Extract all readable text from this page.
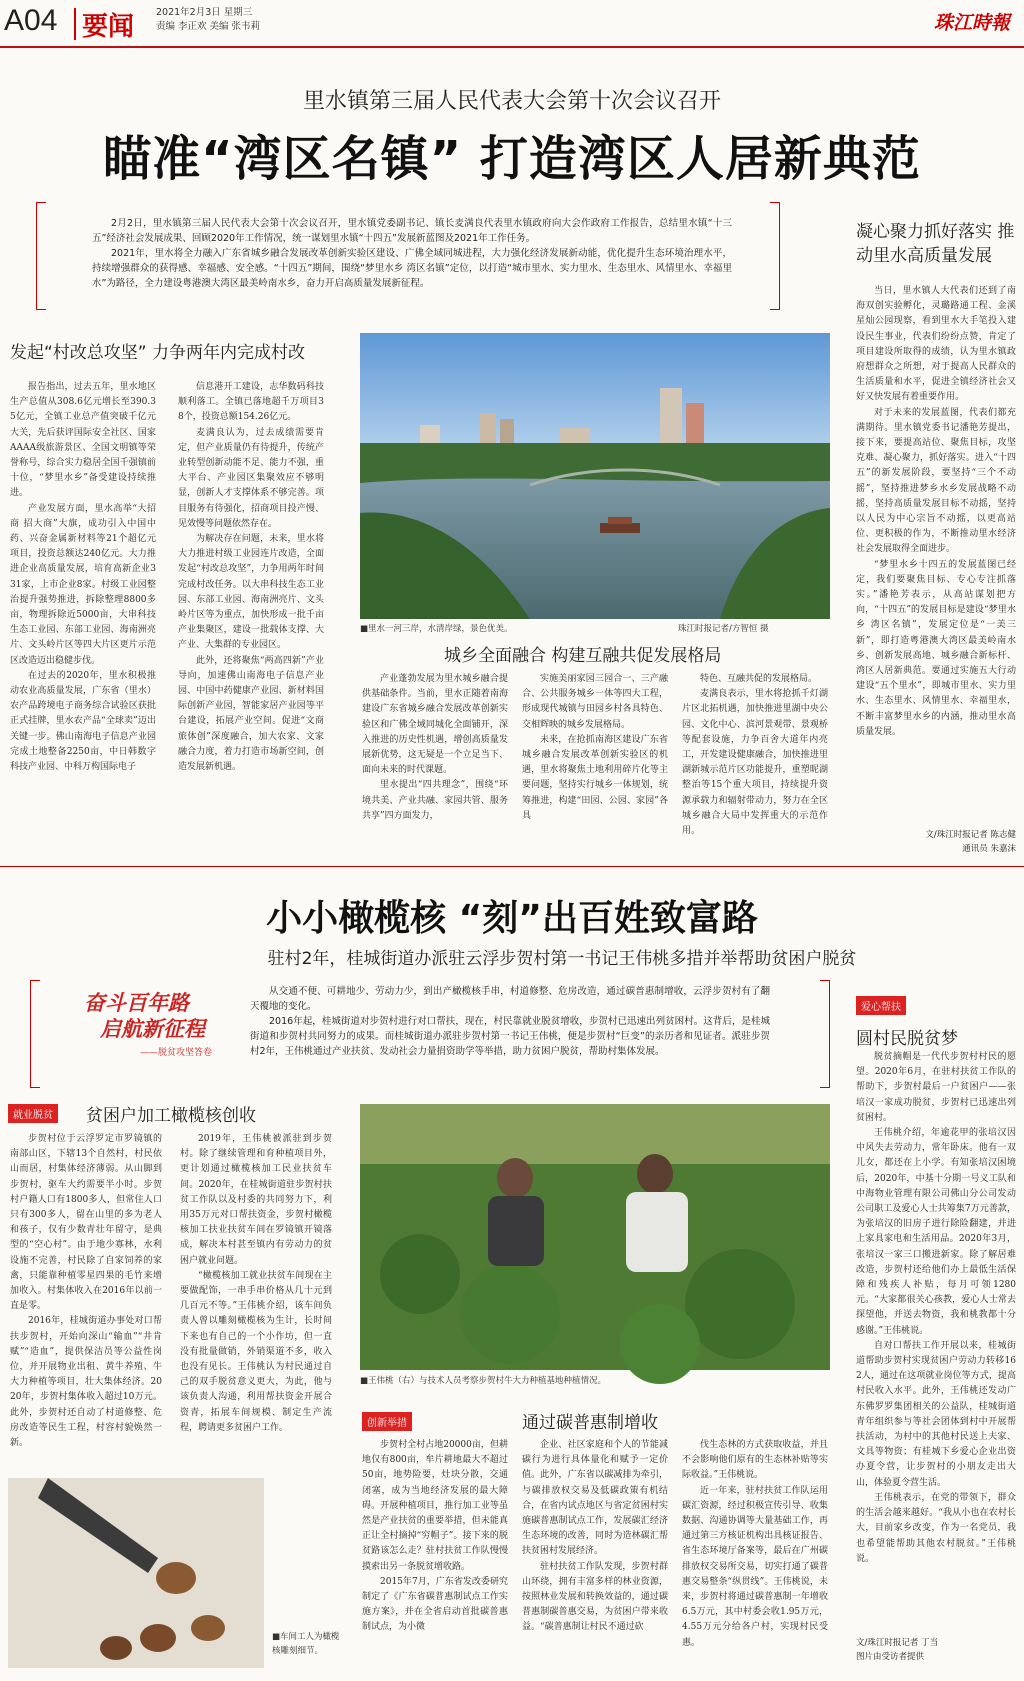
A04 要闻 2021年2月3日 星期三
责编 李正欢 美编 张韦莉	珠江時報
里水镇第三届人民代表大会第十次会议召开
瞄准“湾区名镇” 打造湾区人居新典范

2月2日，里水镇第三届人民代表大会第十次会议召开，里水镇党委副书记、镇长麦满良代表里水镇政府向大会作政府工作报告，总结里水镇“十三五”经济社会发展成果、回顾2020年工作情况，统一谋划里水镇“十四五”发展新蓝图及2021年工作任务。

2021年，里水将全力融入广东省城乡融合发展改革创新实验区建设、广佛全域同城进程，大力强化经济发展新动能，优化提升生态环境治理水平，持续增强群众的获得感、幸福感、安全感。“十四五”期间，围绕“梦里水乡 湾区名镇”定位，以打造“城市里水、实力里水、生态里水、风情里水、幸福里水”为路径，全力建设粤港澳大湾区最美岭南水乡，奋力开启高质量发展新征程。

发起“村改总攻坚” 力争两年内完成村改

报告指出，过去五年，里水地区生产总值从308.6亿元增长至390.35亿元，全镇工业总产值突破千亿元大关，先后获评国际安全社区、国家AAAA级旅游景区、全国文明镇等荣誉称号，综合实力稳居全国千强镇前十位，“梦里水乡”备受建设持续推进。

产业发展方面，里水高举“大招商 招大商”大旗，成功引入中国中药、兴奋金属新材料等21个超亿元项目，投资总额达240亿元。大力推进企业高质量发展，培育高新企业331家，上市企业8家。村级工业园整治提升强势推进，拆除整理8800多亩，物理拆除近5000亩，大串科技生态工业园、东部工业园、海南洲亮片、文头岭片区等四大片区更片示范区改造迈出稳健步伐。

在过去的2020年，里水积极推动农业高质量发展，广东省（里水）农产品跨境电子商务综合试验区获批正式挂牌，里水农产品“全球卖”迈出关键一步。佛山南海电子信息产业园完成土地整备2250亩，中日韩数字科技产业园、中科万构国际电子

信息港开工建设，志华数码科技顺利落工。全镇已落地超千万项目38个，投资总额154.26亿元。

麦满良认为，过去成绩需要肯定，但产业质量仍有待提升，传统产业转型创新动能不足、能力不强，重大平台、产业园区集聚效应不够明显，创新人才支撑体系不够完善。项目服务有待强化，招商项目投产慢、见效慢等问题依然存在。

为解决存在问题，未来，里水将大力推进村级工业园连片改造，全面发起“村改总攻坚”，力争用两年时间完成村改任务。以大串科技生态工业园、东部工业园、海南洲亮片、文头岭片区等为重点，加快形成一批千亩产业集聚区，建设一批载体支撑、大产业、大集群的专业园区。

此外，还将聚焦“两高四新”产业导向，加速佛山南海电子信息产业园、中国中药健康产业园、新材料国际创新产业园，智能家居产业园等平台建设，拓展产业空间。促进“文商旅体创”深度融合，加大农家、文家融合力度，着力打造市场新空间，创造发展新机遇。

■里水一河三岸，水清岸绿，景色优美。	珠江时报记者/方智恒 摄
城乡全面融合 构建互融共促发展格局

产业蓬勃发展为里水城乡融合提供基础条件。当前，里水正随着南海建设广东省城乡融合发展改革创新实验区和广佛全域同城化全面铺开，深入推进的历史性机遇，增创高质量发展新优势，这无疑是一个立足当下、面向未来的时代课题。

里水提出“四共理念”，围绕“环境共美、产业共融、家园共管、服务共享”四方面发力，

实施美丽家园三园合一、三产融合、公共服务城乡一体等四大工程，形成现代城镇与田园乡村各具特色、交相辉映的城乡发展格局。

未来，在抢抓南海区建设广东省城乡融合发展改革创新实验区的机遇，里水将聚焦土地利用碎片化等主要问题，坚持实行城乡一体规划，统筹推进，构建“田园、公园、家园”各具

特色、互融共促的发展格局。

麦满良表示，里水将抢抓千灯湖片区北拓机遇，加快推进里湖中央公园、文化中心、滨河景观带、景观桥等配套设施，力争百舍大道年内亮工，开发建设健康融合，加快推进里湖新城示范片区功能提升，重塑昵湖整治等15个重大项目，持续提升资源承载力和辐射带动力，努力在全区城乡融合大局中发挥重大的示范作用。

凝心聚力抓好落实 推动里水高质量发展

当日，里水镇人大代表们还到了南海双创实验孵化，灵璐路通工程、金溪星灿公园现察，看到里水大手笔投入建设民生事业，代表们纷纷点赞，肯定了项目建设所取得的成绩，认为里水镇政府想群众之所想，对于提高人民群众的生活质量和水平，促进全镇经济社会又好又快发展有着重要作用。

对于未来的发展蓝图，代表们都充满期待。里水镇党委书记潘艳芳提出，接下来，要提高站位、聚焦目标，攻坚克难、凝心聚力，抓好落实。进入“十四五”的新发展阶段，要坚持“三个不动摇”，坚持推进梦乡水乡发展战略不动摇，坚持高质量发展目标不动摇，坚持以人民为中心宗旨不动摇，以更高站位、更积极的作为，不断推动里水经济社会发展取得全面进步。

“梦里水乡十四五的发展蓝图已经定，我们要聚焦目标、专心专注抓落实。”潘艳芳表示，从高站谋划把方向，“十四五”的发展目标是建设“梦里水乡 湾区名镇”，发展定位是“一美三新”，即打造粤港澳大湾区最美岭南水乡、创新发展高地、城乡融合新标杆、湾区人居新典范。要通过实施五大行动建设“五个里水”，即城市里水、实力里水、生态里水、风情里水、幸福里水，不断丰富梦里水乡的内涵，推动里水高质量发展。

文/珠江时报记者 陈志健
通讯员 朱嘉沫
小小橄榄核 “刻”出百姓致富路
驻村2年，桂城街道办派驻云浮步贺村第一书记王伟桃多措并举帮助贫困户脱贫
奋斗百年路
启航新征程
——脱贫攻坚答卷

从交通不便、可耕地少、劳动力少，到出产橄榄核手串，村道修整、危房改造，通过碳普惠制增收，云浮步贺村有了翻天覆地的变化。

2016年起，桂城街道对步贺村进行对口帮扶，现在，村民靠就业脱贫增收，步贺村已迅速出列贫困村。这背后，是桂城街道和步贺村共同努力的成果。而桂城街道办派驻步贺村第一书记王伟桃，便是步贺村“巨变”的亲历者和见证者。派驻步贺村2年，王伟桃通过产业扶贫、发动社会力量捐资助学等举措，助力贫困户脱贫，帮助村集体发展。

就业脱贫 贫困户加工橄榄核创收

步贺村位于云浮罗定市罗镜镇的南部山区，下辖13个自然村，村民依山而居，村集体经济薄弱。从山脚到步贺村，驱车大约需要半小时。步贺村户籍人口有1800多人，但常住人口只有300多人，留在山里的多为老人和孩子，仅有少数青壮年留守，是典型的“空心村”。由于地少寡林，水利设施不完善，村民除了自家饲养的家禽，只能靠种植零星四果的毛竹来增加收入。村集体收入在2016年以前一直是零。

2016年，桂城街道办事处对口帮扶步贺村，开始向深山“输血”“井肯赋”“造血”，提供保洁员等公益性岗位，并开展物业出租、黄牛养殖、牛大力种植等项目，壮大集体经济。2020年，步贺村集体收入超过10万元。此外，步贺村还自动了村道修整、危房改造等民生工程，村容村貌焕然一新。

2019年，王伟桃被派驻到步贺村。除了继续管理和育种植项目外，更计划通过橄榄核加工民业扶贫车间。2020年，在桂城街道驻步贺村扶贫工作队以及村委的共同努力下，利用35万元对口帮扶资金，步贺村橄榄核加工扶业扶贫车间在罗镜镇开镜落成，解决本村甚至镇内有劳动力的贫困户就业问题。

“橄榄核加工就业扶贫车间现在主要做配饰，一串手串价格从几十元到几百元不等。”王伟桃介绍，该车间负责人曾以雕刻橄榄核为生计，长时间下来也有自己的一个小作坊，但一直没有批量做销，外销渠道不多，收入也没有见长。王伟桃认为村民通过自己的双手脱贫意义更大，为此，他与该负责人沟通，利用帮扶资金开展合资青，拓展车间规模、制定生产流程，聘请更多贫困户工作。

■王伟桃（右）与技术人员考察步贺村牛大力种植基地种植情况。
■车间工人为橄榄核雕刻细节。
创新举措	通过碳普惠制增收

步贺村全村占地20000亩，但耕地仅有800亩，牟片耕地最大不超过50亩，地势险要，灶块分散，交通闭塞，成为当地经济发展的最大障碍。开展种植项目，推行加工业等虽然是产业扶贫的重要举措，但未能真正让全村摘掉“穷帽子”。接下来的脱贫路该怎么走？驻村扶贫工作队慢慢摸索出另一条脱贫增收路。

2015年7月，广东省发改委研究制定了《广东省碳普惠制试点工作实施方案》，并在全省启动首批碳普惠制试点，为小微

企业、社区家庭和个人的节能减碳行为进行具体量化和赋予一定价值。此外，广东省以碳减排为牵引，与碳排放权交易及低碳政策有机结合，在省内试点地区与省定贫困村实施碳普惠制试点工作，发展碳汇经济生态环境的改善，同时为造林碳汇帮扶贫困村发展经济。

驻村扶贫工作队发现，步贺村群山环绕，拥有丰富多样的林业资源，按照林业发展和转换效益的，通过碳普惠制碳普惠交易，为贫困户带来收益。“碳普惠制让村民不通过砍

伐生态林的方式获取收益，并且不会影响他们原有的生态林补贴等实际收益。”王伟桃说。

近一年来，驻村扶贫工作队运用碳汇资源，经过积极宣传引导、收集数据、沟通协调等大量基础工作，再通过第三方核证机构出具核证报告、省生态环境厅备案等，最后在广州碳排放权交易所交易，切实打通了碳普惠交易整条“纵贯线”。王伟桃说，未来，步贺村将通过碳普惠制一年增收6.5万元，其中村委会收1.95万元，4.55万元分给各户村，实现村民受惠。

爱心帮扶
圆村民脱贫梦

脱贫摘帽是一代代步贺村村民的愿望。2020年6月，在驻村扶贫工作队的帮助下，步贺村最后一户贫困户——张培汉一家成功脱贫，步贺村已迅速出列贫困村。

王伟桃介绍，年逾花甲的张培汉因中风失去劳动力，常年卧床。他有一双儿女，都还在上小学。有知张培汉困境后，2020年，中基十分期一号义工队和中海物业管理有限公司佛山分公司发动公司职工及爱心人士共筹集7万元善款，为张培汉的旧房子进行除险翻建，并进上家具家电和生活用品。2020年3月，张培汉一家三口搬进新家。除了解居难改造，步贺村还给他们办上最低生活保障和残疾人补贴，每月可领1280元。“大家都很关心孩教，爱心人士常去探望他，并送去物资，我和桃教都十分感谢。”王伟桃说。

自对口帮扶工作开展以来，桂城街道帮助步贺村实现贫困户劳动力转移162人，通过在这项就业岗位等方式，提高村民收入水平。此外，王伟桃还发动广东佛罗罗集团相关的公益队，桂城街道青年组织参与等社会团体到村中开展帮扶活动，为村中的其他村民送上夫家、文具等物资；有桂城下乡爱心企业出资办夏令营，让步贺村的小朋友走出大山，体验夏令营生活。

王伟桃表示，在党的带领下，群众的生活会越来越好。“我从小也在农村长大，目前家乡改变，作为一名党员，我也希望能帮助其他农村脱贫。”王伟桃说。

文/珠江时报记者 丁当
图片由受访者提供
